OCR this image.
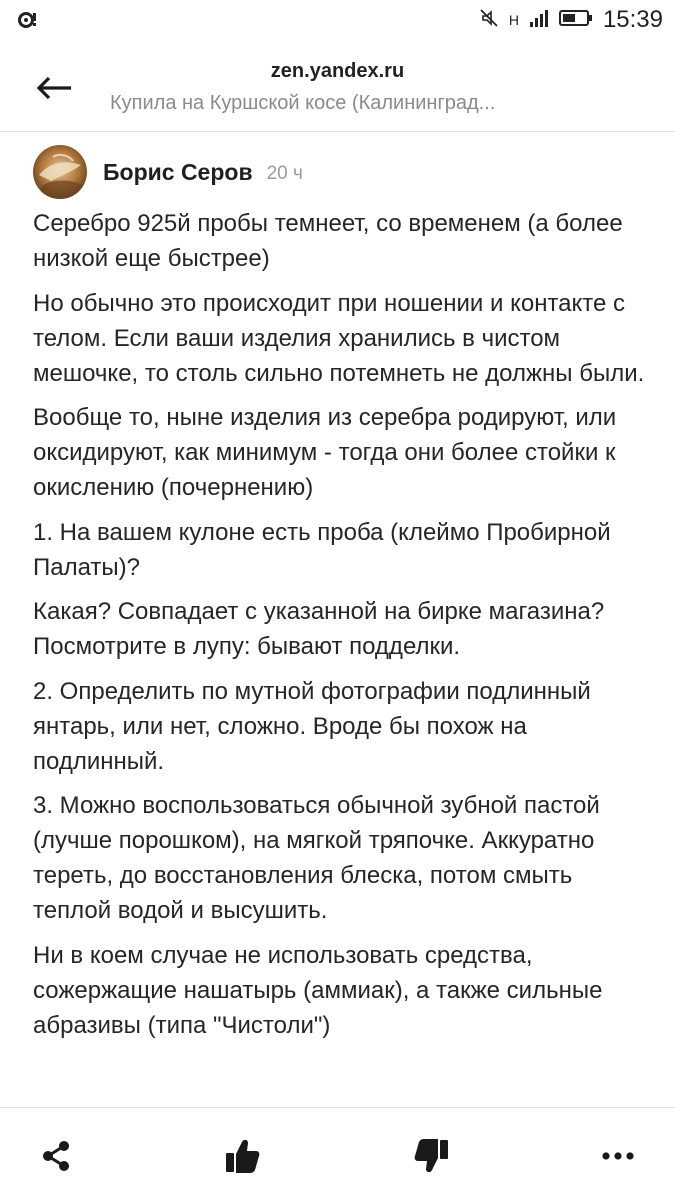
H	15:39
zen.yandex.ru
Купила на Куршской косе (Калининград...
Борис Серов 20 ч

Серебро 925й пробы темнеет, со временем (а более низкой еще быстрее)

Но обычно это происходит при ношении и контакте с телом. Если ваши изделия хранились в чистом мешочке, то столь сильно потемнеть не должны были.

Вообще то, ныне изделия из серебра родируют, или оксидируют, как минимум - тогда они более стойки к окислению (почернению)

1. На вашем кулоне есть проба (клеймо Пробирной Палаты)?

Какая? Совпадает с указанной на бирке магазина? Посмотрите в лупу: бывают подделки.

2. Определить по мутной фотографии подлинный янтарь, или нет, сложно. Вроде бы похож на подлинный.

3. Можно воспользоваться обычной зубной пастой (лучше порошком), на мягкой тряпочке. Аккуратно тереть, до восстановления блеска, потом смыть теплой водой и высушить.

Ни в коем случае не использовать средства, сожержащие нашатырь (аммиак), а также сильные абразивы (типа "Чистоли")
